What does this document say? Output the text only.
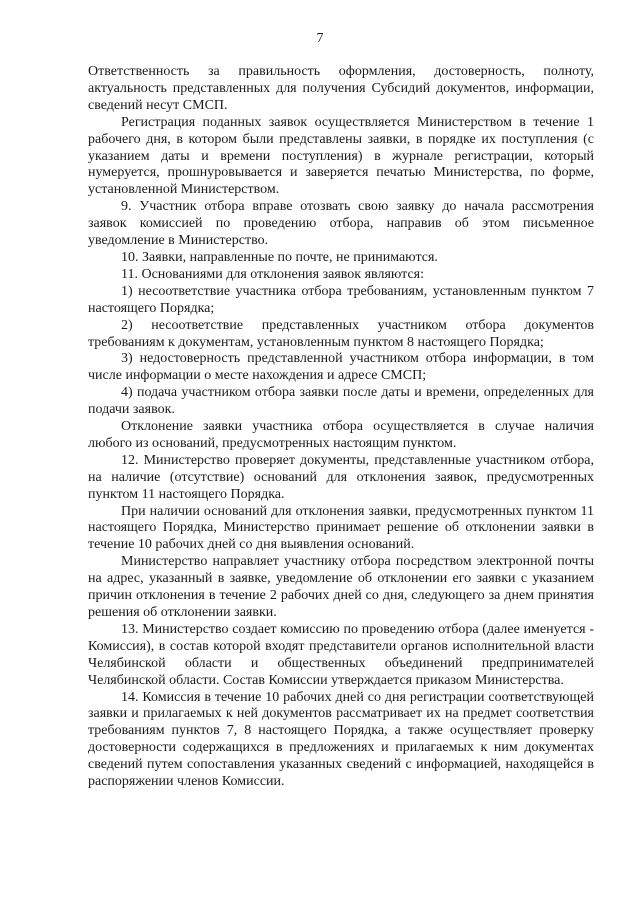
7

Ответственность за правильность оформления, достоверность, полноту, актуальность представленных для получения Субсидий документов, информации, сведений несут СМСП.

Регистрация поданных заявок осуществляется Министерством в течение 1 рабочего дня, в котором были представлены заявки, в порядке их поступления (с указанием даты и времени поступления) в журнале регистрации, который нумеруется, прошнуровывается и заверяется печатью Министерства, по форме, установленной Министерством.

9. Участник отбора вправе отозвать свою заявку до начала рассмотрения заявок комиссией по проведению отбора, направив об этом письменное уведомление в Министерство.

10. Заявки, направленные по почте, не принимаются.

11. Основаниями для отклонения заявок являются:

1) несоответствие участника отбора требованиям, установленным пунктом 7 настоящего Порядка;

2) несоответствие представленных участником отбора документов требованиям к документам, установленным пунктом 8 настоящего Порядка;

3) недостоверность представленной участником отбора информации, в том числе информации о месте нахождения и адресе СМСП;

4) подача участником отбора заявки после даты и времени, определенных для подачи заявок.

Отклонение заявки участника отбора осуществляется в случае наличия любого из оснований, предусмотренных настоящим пунктом.

12. Министерство проверяет документы, представленные участником отбора, на наличие (отсутствие) оснований для отклонения заявок, предусмотренных пунктом 11 настоящего Порядка.

При наличии оснований для отклонения заявки, предусмотренных пунктом 11 настоящего Порядка, Министерство принимает решение об отклонении заявки в течение 10 рабочих дней со дня выявления оснований.

Министерство направляет участнику отбора посредством электронной почты на адрес, указанный в заявке, уведомление об отклонении его заявки с указанием причин отклонения в течение 2 рабочих дней со дня, следующего за днем принятия решения об отклонении заявки.

13. Министерство создает комиссию по проведению отбора (далее именуется - Комиссия), в состав которой входят представители органов исполнительной власти Челябинской области и общественных объединений предпринимателей Челябинской области. Состав Комиссии утверждается приказом Министерства.

14. Комиссия в течение 10 рабочих дней со дня регистрации соответствующей заявки и прилагаемых к ней документов рассматривает их на предмет соответствия требованиям пунктов 7, 8 настоящего Порядка, а также осуществляет проверку достоверности содержащихся в предложениях и прилагаемых к ним документах сведений путем сопоставления указанных сведений с информацией, находящейся в распоряжении членов Комиссии.
